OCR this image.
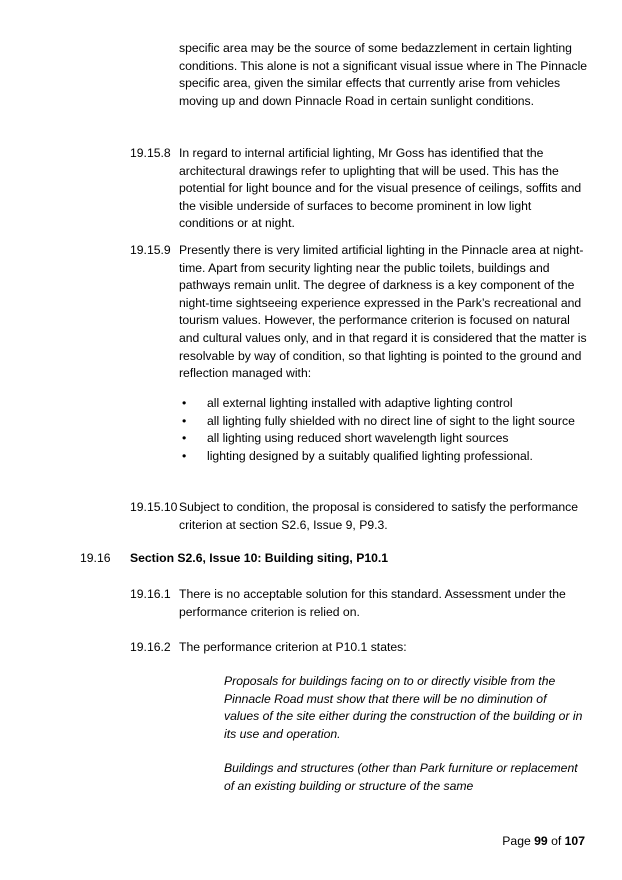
specific area may be the source of some bedazzlement in certain lighting conditions. This alone is not a significant visual issue where in The Pinnacle specific area, given the similar effects that currently arise from vehicles moving up and down Pinnacle Road in certain sunlight conditions.

19.15.8 In regard to internal artificial lighting, Mr Goss has identified that the architectural drawings refer to uplighting that will be used. This has the potential for light bounce and for the visual presence of ceilings, soffits and the visible underside of surfaces to become prominent in low light conditions or at night.

19.15.9 Presently there is very limited artificial lighting in the Pinnacle area at night-time. Apart from security lighting near the public toilets, buildings and pathways remain unlit. The degree of darkness is a key component of the night-time sightseeing experience expressed in the Park’s recreational and tourism values. However, the performance criterion is focused on natural and cultural values only, and in that regard it is considered that the matter is resolvable by way of condition, so that lighting is pointed to the ground and reflection managed with:

• all external lighting installed with adaptive lighting control
• all lighting fully shielded with no direct line of sight to the light source
• all lighting using reduced short wavelength light sources
• lighting designed by a suitably qualified lighting professional.
19.15.10 Subject to condition, the proposal is considered to satisfy the performance criterion at section S2.6, Issue 9, P9.3.

19.16 Section S2.6, Issue 10: Building siting, P10.1
19.16.1 There is no acceptable solution for this standard. Assessment under the performance criterion is relied on.

19.16.2 The performance criterion at P10.1 states:

Proposals for buildings facing on to or directly visible from the Pinnacle Road must show that there will be no diminution of values of the site either during the construction of the building or in its use and operation.

Buildings and structures (other than Park furniture or replacement of an existing building or structure of the same

Page 99 of 107
